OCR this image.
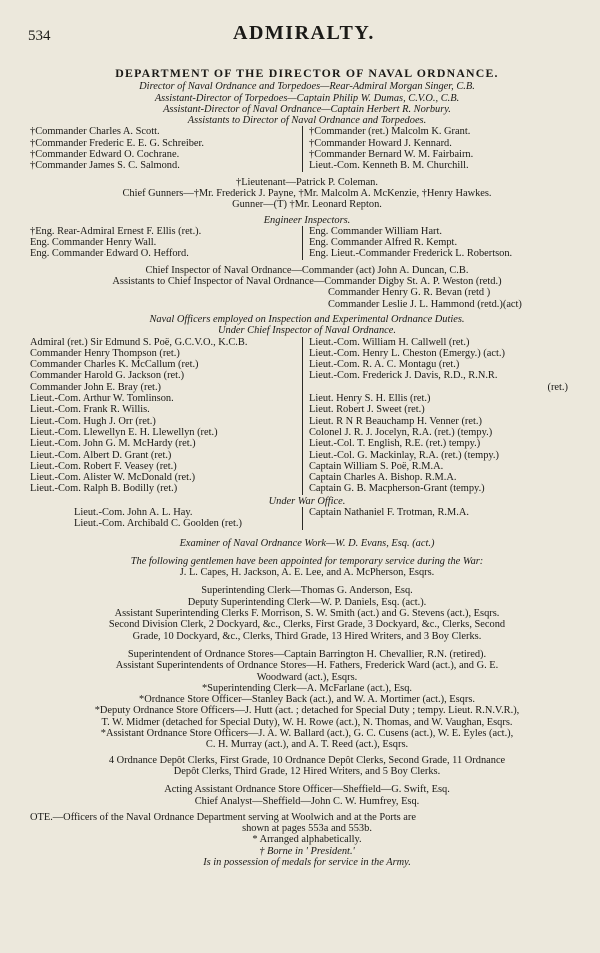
534	ADMIRALTY.
DEPARTMENT OF THE DIRECTOR OF NAVAL ORDNANCE.
Director of Naval Ordnance and Torpedoes—Rear-Admiral Morgan Singer, C.B.
Assistant-Director of Torpedoes—Captain Philip W. Dumas, C.V.O., C.B.
Assistant-Director of Naval Ordnance—Captain Herbert R. Norbury.
Assistants to Director of Naval Ordnance and Torpedoes.
†Commander Charles A. Scott.
†Commander Frederic E. E. G. Schreiber.
†Commander Edward O. Cochrane.
†Commander James S. C. Salmond.
†Commander (ret.) Malcolm K. Grant.
†Commander Howard J. Kennard.
†Commander Bernard W. M. Fairbairn.
Lieut.-Com. Kenneth B. M. Churchill.
†Lieutenant—Patrick P. Coleman.
Chief Gunners—†Mr. Frederick J. Payne, †Mr. Malcolm A. McKenzie, †Henry Hawkes.
Gunner—(T) †Mr. Leonard Repton.
Engineer Inspectors.
†Eng. Rear-Admiral Ernest F. Ellis (ret.).
Eng. Commander Henry Wall.
Eng. Commander Edward O. Hefford.
Eng. Commander William Hart.
Eng. Commander Alfred R. Kempt.
Eng. Lieut.-Commander Frederick L. Robertson.
Chief Inspector of Naval Ordnance—Commander (act) John A. Duncan, C.B.
Assistants to Chief Inspector of Naval Ordnance—Commander Digby St. A. P. Weston (retd.)
Commander Henry G. R. Bevan (retd )
Commander Leslie J. L. Hammond (retd.)(act)
Naval Officers employed on Inspection and Experimental Ordnance Duties.
Under Chief Inspector of Naval Ordnance.
Admiral (ret.) Sir Edmund S. Poë, G.C.V.O., K.C.B.
Commander Henry Thompson (ret.)
Commander Charles K. McCallum (ret.)
Commander Harold G. Jackson (ret.)
Commander John E. Bray (ret.)
Lieut.-Com. Arthur W. Tomlinson.
Lieut.-Com. Frank R. Willis.
Lieut.-Com. Hugh J. Orr (ret.)
Lieut.-Com. Llewellyn E. H. Llewellyn (ret.)
Lieut.-Com. John G. M. McHardy (ret.)
Lieut.-Com. Albert D. Grant (ret.)
Lieut.-Com. Robert F. Veasey (ret.)
Lieut.-Com. Alister W. McDonald (ret.)
Lieut.-Com. Ralph B. Bodilly (ret.)
Lieut.-Com. William H. Callwell (ret.)
Lieut.-Com. Henry L. Cheston (Emergy.) (act.)
Lieut.-Com. R. A. C. Montagu (ret.)
Lieut.-Com. Frederick J. Davis, R.D., R.N.R.
(ret.)
Lieut. Henry S. H. Ellis (ret.)
Lieut. Robert J. Sweet (ret.)
Lieut. R N R Beauchamp H. Venner (ret.)
Colonel J. R. J. Jocelyn, R.A. (ret.) (tempy.)
Lieut.-Col. T. English, R.E. (ret.) tempy.)
Lieut.-Col. G. Mackinlay, R.A. (ret.) (tempy.)
Captain William S. Poë, R.M.A.
Captain Charles A. Bishop. R.M.A.
Captain G. B. Macpherson-Grant (tempy.)
Under War Office.
Lieut.-Com. John A. L. Hay.
Lieut.-Com. Archibald C. Goolden (ret.)
Captain Nathaniel F. Trotman, R.M.A.
Examiner of Naval Ordnance Work—W. D. Evans, Esq. (act.)
The following gentlemen have been appointed for temporary service during the War:
J. L. Capes, H. Jackson, A. E. Lee, and A. McPherson, Esqrs.
Superintending Clerk—Thomas G. Anderson, Esq.
Deputy Superintending Clerk—W. P. Daniels, Esq. (act.).
Assistant Superintending Clerks F. Morrison, S. W. Smith (act.) and G. Stevens (act.), Esqrs.
Second Division Clerk, 2 Dockyard, &c., Clerks, First Grade, 3 Dockyard, &c., Clerks, Second
Grade, 10 Dockyard, &c., Clerks, Third Grade, 13 Hired Writers, and 3 Boy Clerks.
Superintendent of Ordnance Stores—Captain Barrington H. Chevallier, R.N. (retired).
Assistant Superintendents of Ordnance Stores—H. Fathers, Frederick Ward (act.), and G. E.
Woodward (act.), Esqrs.
*Superintending Clerk—A. McFarlane (act.), Esq.
*Ordnance Store Officer—Stanley Back (act.), and W. A. Mortimer (act.), Esqrs.
*Deputy Ordnance Store Officers—J. Hutt (act. ; detached for Special Duty ; tempy. Lieut. R.N.V.R.),
T. W. Midmer (detached for Special Duty), W. H. Rowe (act.), N. Thomas, and W. Vaughan, Esqrs.
*Assistant Ordnance Store Officers—J. A. W. Ballard (act.), G. C. Cusens (act.), W. E. Eyles (act.),
C. H. Murray (act.), and A. T. Reed (act.), Esqrs.
4 Ordnance Depôt Clerks, First Grade, 10 Ordnance Depôt Clerks, Second Grade, 11 Ordnance
Depôt Clerks, Third Grade, 12 Hired Writers, and 5 Boy Clerks.
Acting Assistant Ordnance Store Officer—Sheffield—G. Swift, Esq.
Chief Analyst—Sheffield—John C. W. Humfrey, Esq.
OTE.—Officers of the Naval Ordnance Department serving at Woolwich and at the Ports are
shown at pages 553a and 553b.
* Arranged alphabetically.
† Borne in ' President.'
Is in possession of medals for service in the Army.
